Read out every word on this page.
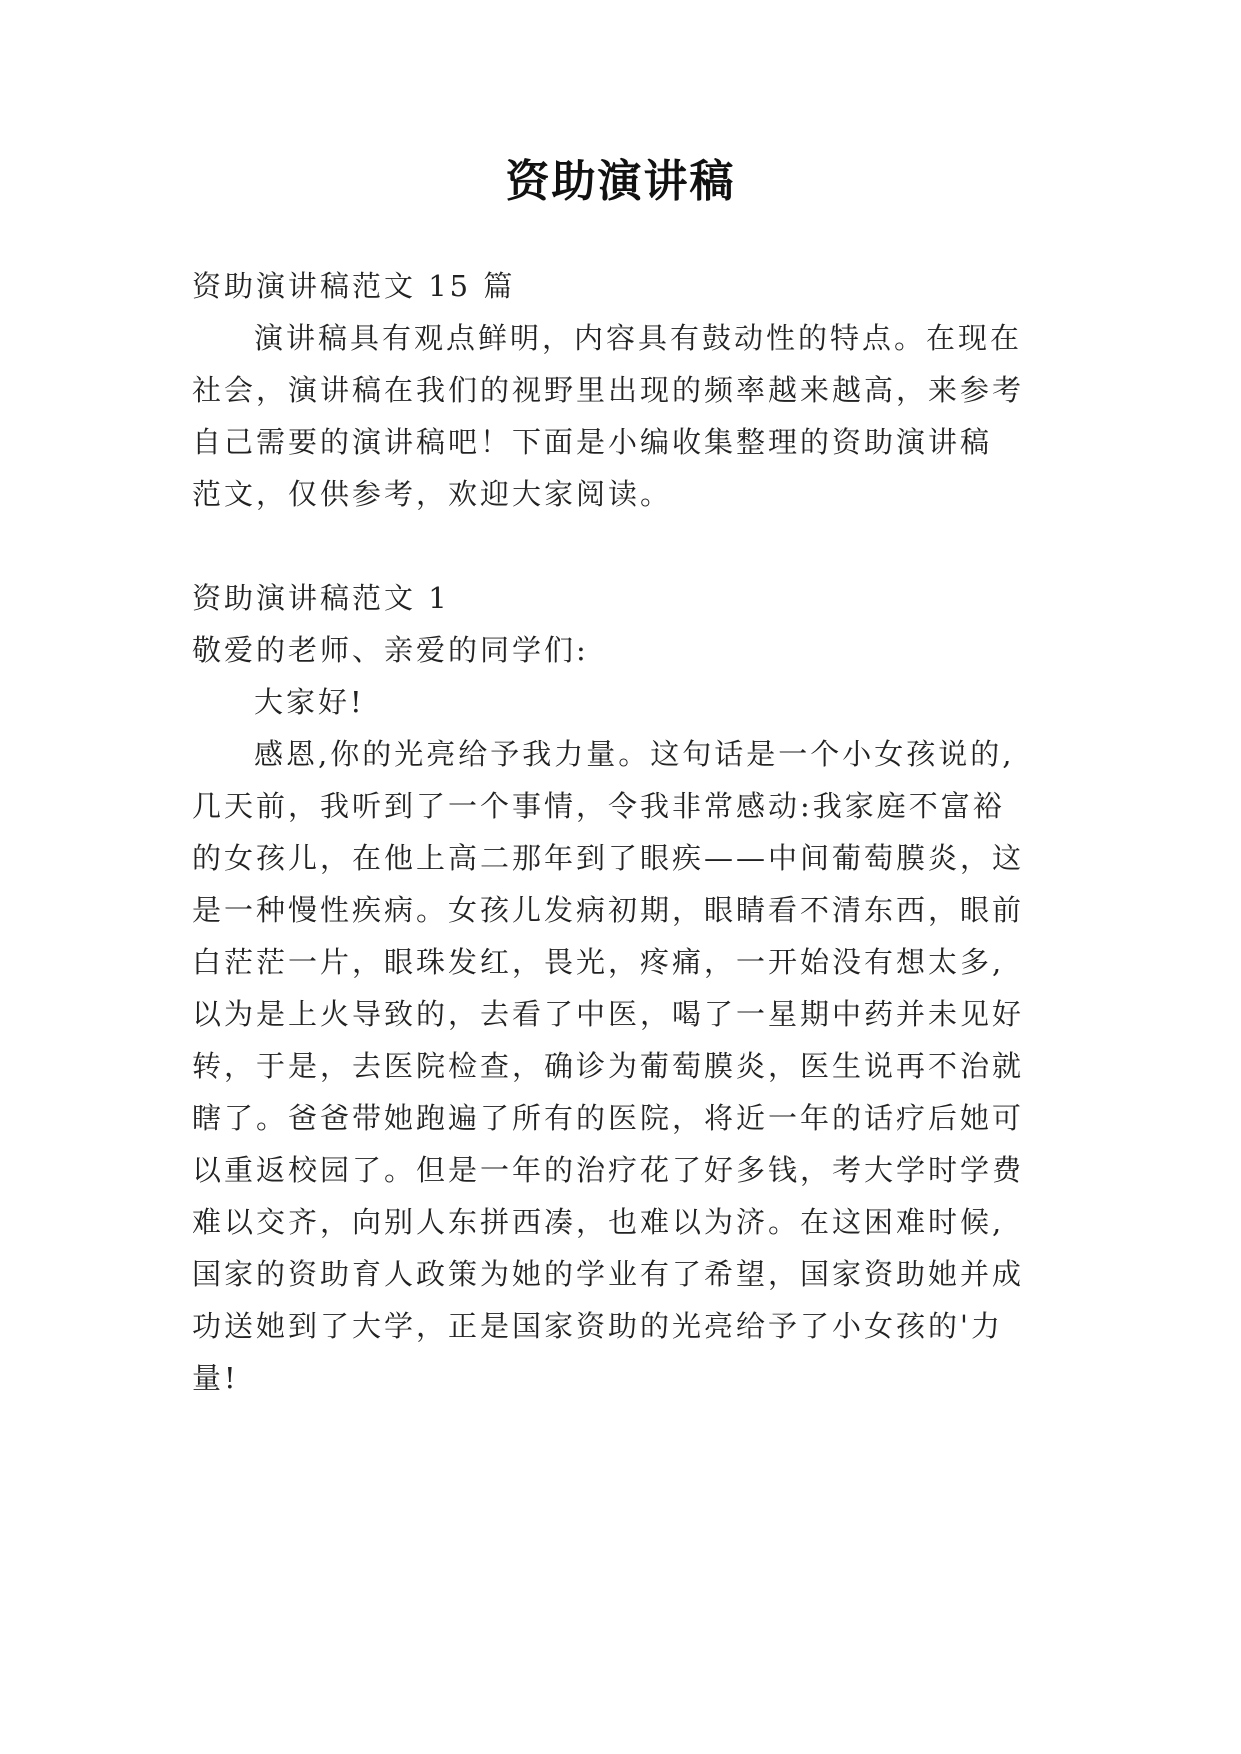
资助演讲稿

资助演讲稿范文 15 篇

演讲稿具有观点鲜明，内容具有鼓动性的特点。在现在

社会，演讲稿在我们的视野里出现的频率越来越高，来参考

自己需要的演讲稿吧！下面是小编收集整理的资助演讲稿

范文，仅供参考，欢迎大家阅读。

资助演讲稿范文 1

敬爱的老师、亲爱的同学们:

大家好!

感恩,你的光亮给予我力量。这句话是一个小女孩说的,

几天前，我听到了一个事情，令我非常感动:我家庭不富裕

的女孩儿，在他上高二那年到了眼疾——中间葡萄膜炎，这

是一种慢性疾病。女孩儿发病初期，眼睛看不清东西，眼前

白茫茫一片，眼珠发红，畏光，疼痛，一开始没有想太多,

以为是上火导致的，去看了中医，喝了一星期中药并未见好

转，于是，去医院检查，确诊为葡萄膜炎，医生说再不治就

瞎了。爸爸带她跑遍了所有的医院，将近一年的话疗后她可

以重返校园了。但是一年的治疗花了好多钱，考大学时学费

难以交齐，向别人东拼西凑，也难以为济。在这困难时候,

国家的资助育人政策为她的学业有了希望，国家资助她并成

功送她到了大学，正是国家资助的光亮给予了小女孩的'力

量!
